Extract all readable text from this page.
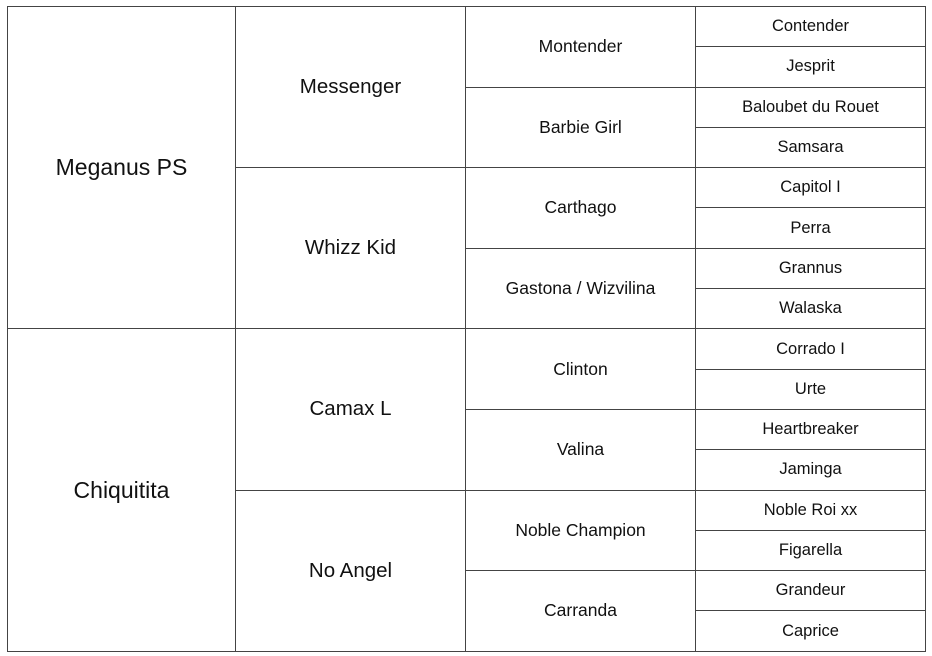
Meganus PS	Messenger	Montender	Contender
			Jesprit
		Barbie Girl	Baloubet du Rouet
			Samsara
	Whizz Kid	Carthago	Capitol I
			Perra
		Gastona / Wizvilina	Grannus
			Walaska
Chiquitita	Camax L	Clinton	Corrado I
			Urte
		Valina	Heartbreaker
			Jaminga
	No Angel	Noble Champion	Noble Roi xx
			Figarella
		Carranda	Grandeur
			Caprice
